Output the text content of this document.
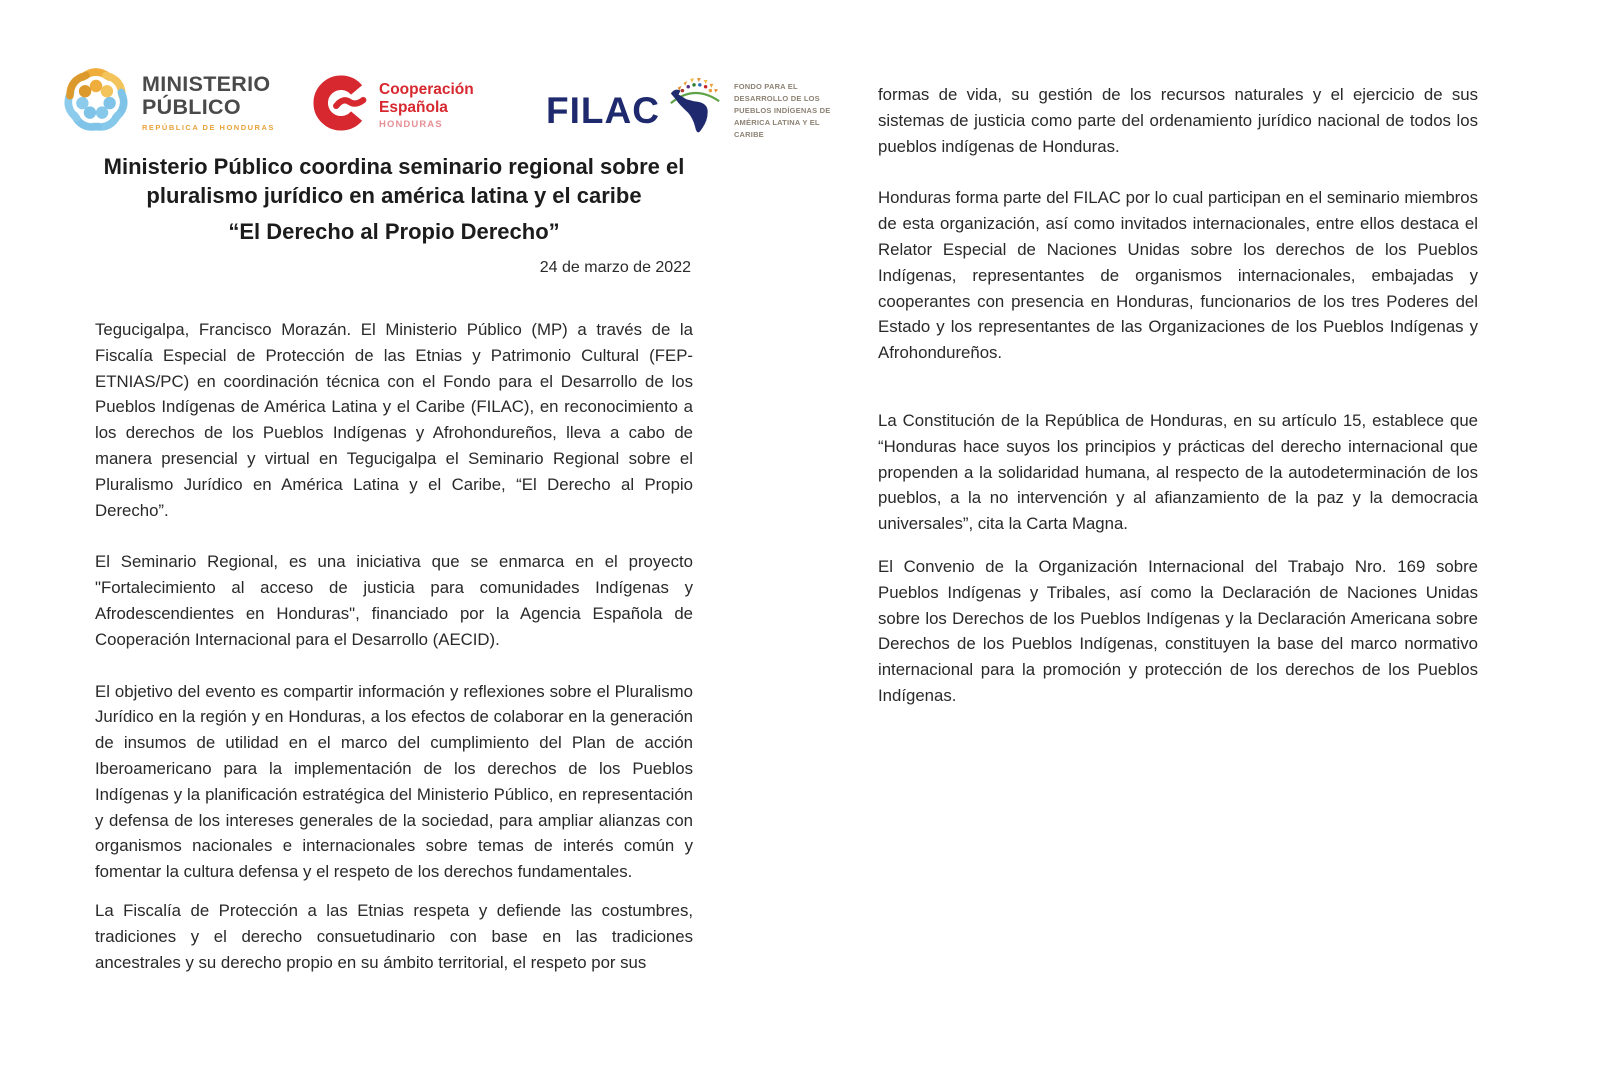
MINISTERIO PÚBLICO
REPÚBLICA DE HONDURAS
Cooperación Española
HONDURAS	FILAC
FONDO PARA EL DESARROLLO DE LOS PUEBLOS INDÍGENAS DE AMÉRICA LATINA Y EL CARIBE
Ministerio Público coordina seminario regional sobre el pluralismo jurídico en américa latina y el caribe
“El Derecho al Propio Derecho”
24 de marzo de 2022

Tegucigalpa, Francisco Morazán. El Ministerio Público (MP) a través de la Fiscalía Especial de Protección de las Etnias y Patrimonio Cultural (FEP-ETNIAS/PC) en coordinación técnica con el Fondo para el Desarrollo de los Pueblos Indígenas de América Latina y el Caribe (FILAC), en reconocimiento a los derechos de los Pueblos Indígenas y Afrohondureños, lleva a cabo de manera presencial y virtual en Tegucigalpa el Seminario Regional sobre el Pluralismo Jurídico en América Latina y el Caribe, “El Derecho al Propio Derecho”.

El Seminario Regional, es una iniciativa que se enmarca en el proyecto "Fortalecimiento al acceso de justicia para comunidades Indígenas y Afrodescendientes en Honduras", financiado por la Agencia Española de Cooperación Internacional para el Desarrollo (AECID).

El objetivo del evento es compartir información y reflexiones sobre el Pluralismo Jurídico en la región y en Honduras, a los efectos de colaborar en la generación de insumos de utilidad en el marco del cumplimiento del Plan de acción Iberoamericano para la implementación de los derechos de los Pueblos Indígenas y la planificación estratégica del Ministerio Público, en representación y defensa de los intereses generales de la sociedad, para ampliar alianzas con organismos nacionales e internacionales sobre temas de interés común y fomentar la cultura defensa y el respeto de los derechos fundamentales.

La Fiscalía de Protección a las Etnias respeta y defiende las costumbres, tradiciones y el derecho consuetudinario con base en las tradiciones ancestrales y su derecho propio en su ámbito territorial, el respeto por sus

formas de vida, su gestión de los recursos naturales y el ejercicio de sus sistemas de justicia como parte del ordenamiento jurídico nacional de todos los pueblos indígenas de Honduras.

Honduras forma parte del FILAC por lo cual participan en el seminario miembros de esta organización, así como invitados internacionales, entre ellos destaca el Relator Especial de Naciones Unidas sobre los derechos de los Pueblos Indígenas, representantes de organismos internacionales, embajadas y cooperantes con presencia en Honduras, funcionarios de los tres Poderes del Estado y los representantes de las Organizaciones de los Pueblos Indígenas y Afrohondureños.

La Constitución de la República de Honduras, en su artículo 15, establece que “Honduras hace suyos los principios y prácticas del derecho internacional que propenden a la solidaridad humana, al respecto de la autodeterminación de los pueblos, a la no intervención y al afianzamiento de la paz y la democracia universales”, cita la Carta Magna.

El Convenio de la Organización Internacional del Trabajo Nro. 169 sobre Pueblos Indígenas y Tribales, así como la Declaración de Naciones Unidas sobre los Derechos de los Pueblos Indígenas y la Declaración Americana sobre Derechos de los Pueblos Indígenas, constituyen la base del marco normativo internacional para la promoción y protección de los derechos de los Pueblos Indígenas.
